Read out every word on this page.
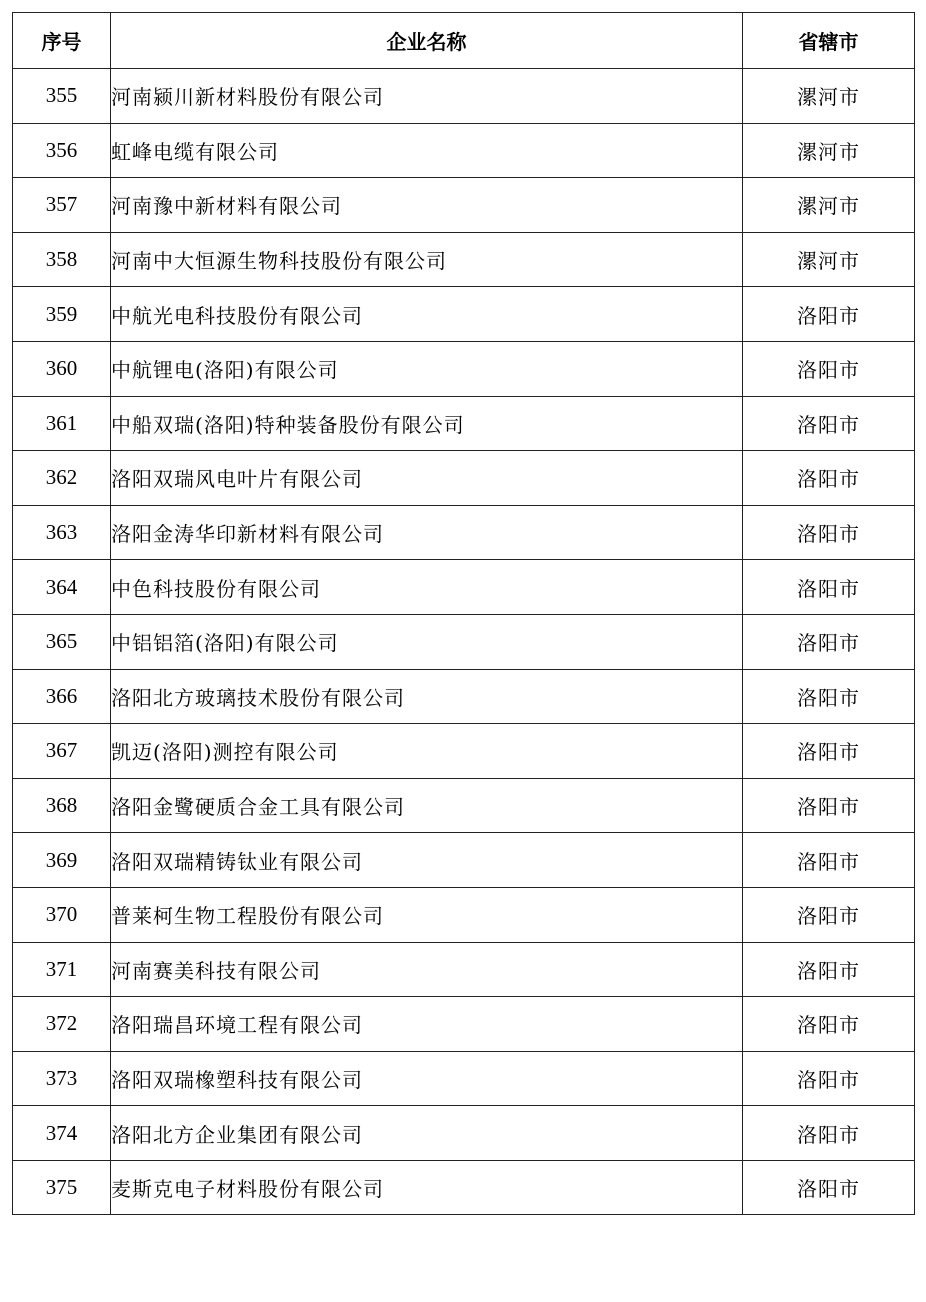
序号	企业名称	省辖市
355	河南颍川新材料股份有限公司	漯河市
356	虹峰电缆有限公司	漯河市
357	河南豫中新材料有限公司	漯河市
358	河南中大恒源生物科技股份有限公司	漯河市
359	中航光电科技股份有限公司	洛阳市
360	中航锂电(洛阳)有限公司	洛阳市
361	中船双瑞(洛阳)特种装备股份有限公司	洛阳市
362	洛阳双瑞风电叶片有限公司	洛阳市
363	洛阳金涛华印新材料有限公司	洛阳市
364	中色科技股份有限公司	洛阳市
365	中铝铝箔(洛阳)有限公司	洛阳市
366	洛阳北方玻璃技术股份有限公司	洛阳市
367	凯迈(洛阳)测控有限公司	洛阳市
368	洛阳金鹭硬质合金工具有限公司	洛阳市
369	洛阳双瑞精铸钛业有限公司	洛阳市
370	普莱柯生物工程股份有限公司	洛阳市
371	河南赛美科技有限公司	洛阳市
372	洛阳瑞昌环境工程有限公司	洛阳市
373	洛阳双瑞橡塑科技有限公司	洛阳市
374	洛阳北方企业集团有限公司	洛阳市
375	麦斯克电子材料股份有限公司	洛阳市
